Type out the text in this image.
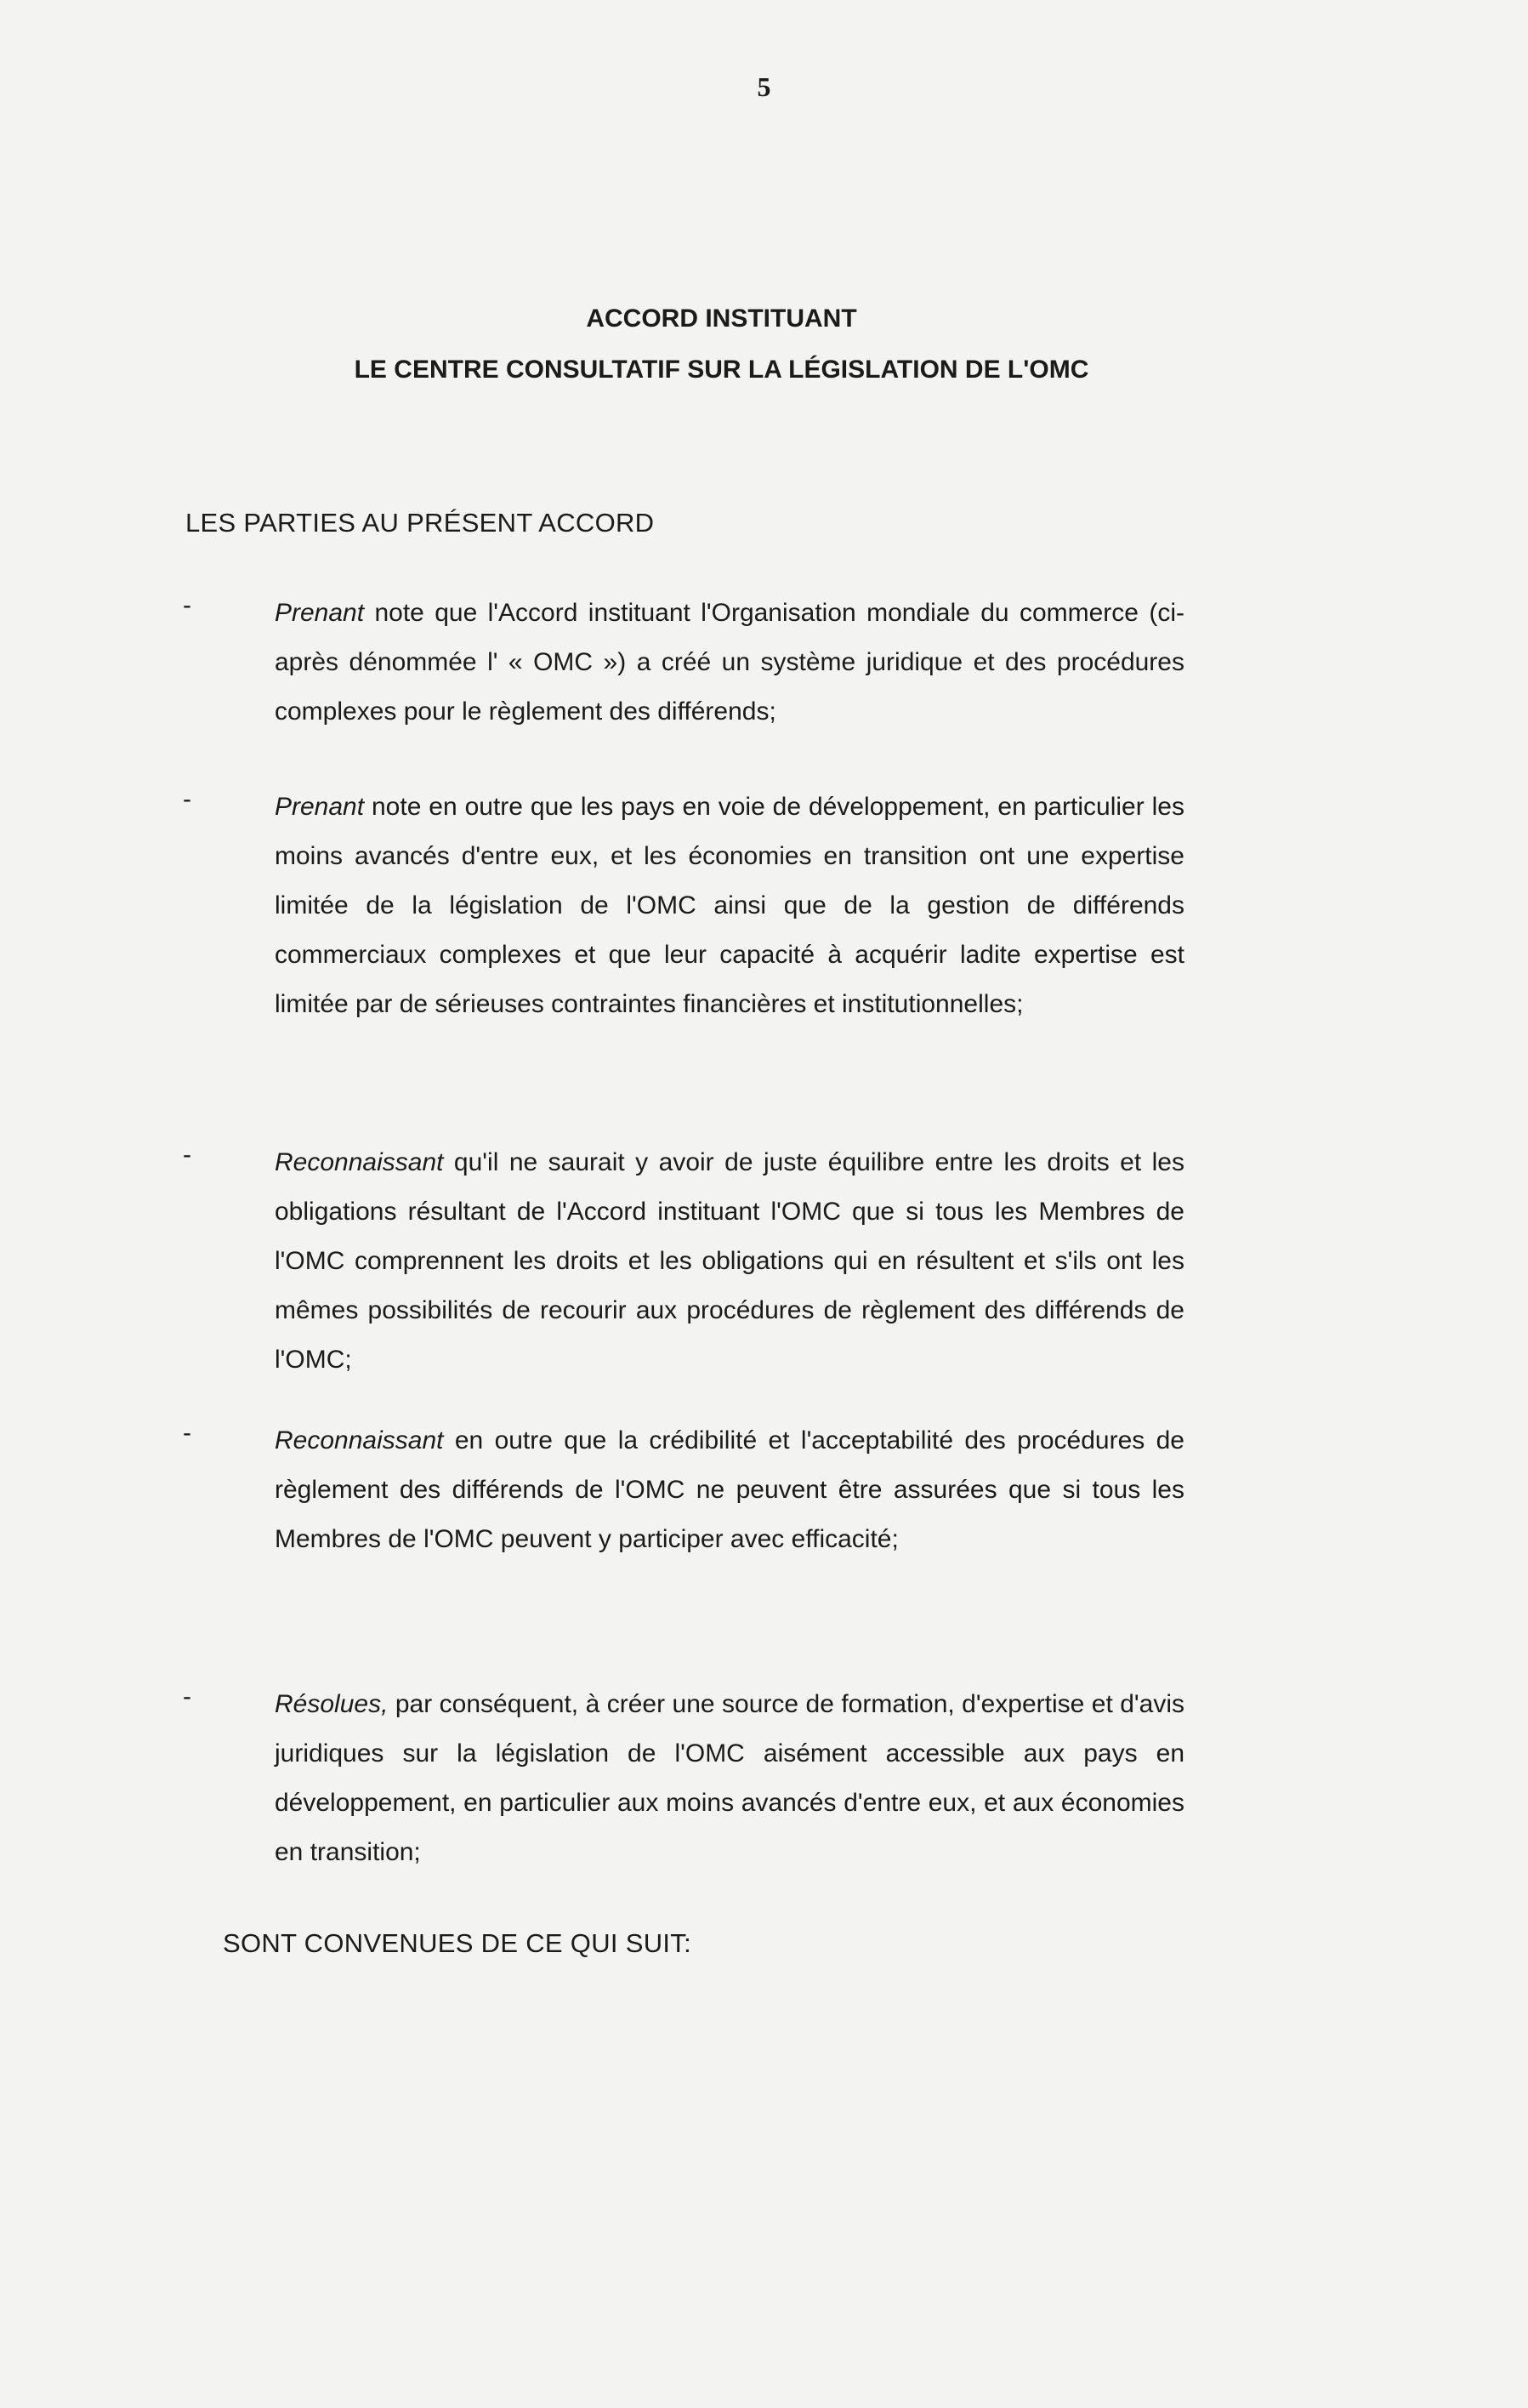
5
ACCORD INSTITUANT
LE CENTRE CONSULTATIF SUR LA LÉGISLATION DE L'OMC
LES PARTIES AU PRÉSENT ACCORD
-	Prenant note que l'Accord instituant l'Organisation mondiale du commerce (ci-après dénommée l' « OMC ») a créé un système juridique et des procédures complexes pour le règlement des différends;
-	Prenant note en outre que les pays en voie de développement, en particulier les moins avancés d'entre eux, et les économies en transition ont une expertise limitée de la législation de l'OMC ainsi que de la gestion de différends commerciaux complexes et que leur capacité à acquérir ladite expertise est limitée par de sérieuses contraintes financières et institutionnelles;
-	Reconnaissant qu'il ne saurait y avoir de juste équilibre entre les droits et les obligations résultant de l'Accord instituant l'OMC que si tous les Membres de l'OMC comprennent les droits et les obligations qui en résultent et s'ils ont les mêmes possibilités de recourir aux procédures de règlement des différends de l'OMC;
-	Reconnaissant en outre que la crédibilité et l'acceptabilité des procédures de règlement des différends de l'OMC ne peuvent être assurées que si tous les Membres de l'OMC peuvent y participer avec efficacité;
-	Résolues, par conséquent, à créer une source de formation, d'expertise et d'avis juridiques sur la législation de l'OMC aisément accessible aux pays en développement, en particulier aux moins avancés d'entre eux, et aux économies en transition;
SONT CONVENUES DE CE QUI SUIT:
